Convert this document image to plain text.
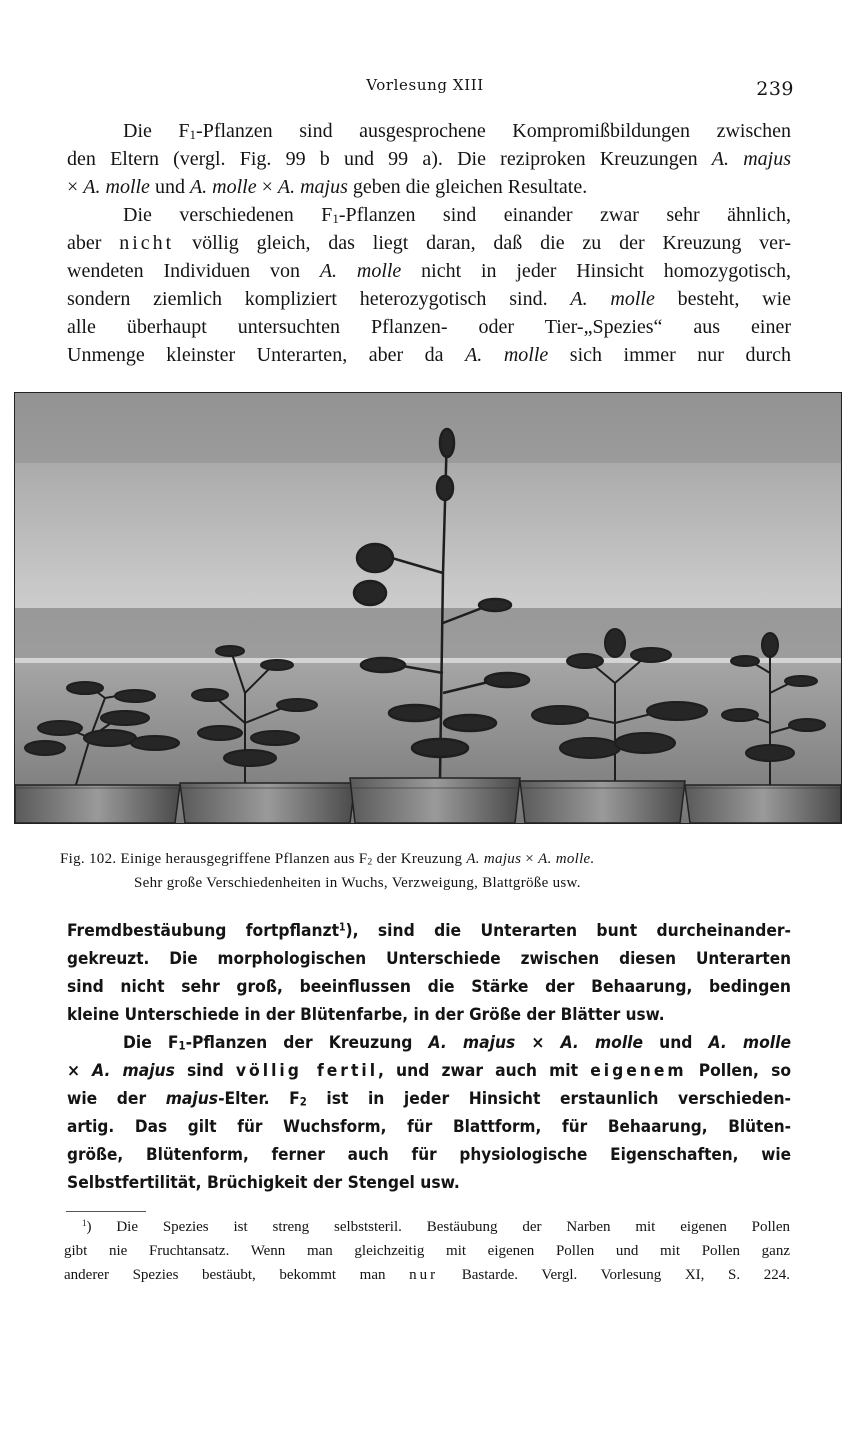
Vorlesung XIII	239
Die $F_1$-Pflanzen sind ausgesprochene Kompromißbildungen zwischen
den Eltern (vergl. Fig. 99 b und 99 a). Die reziproken Kreuzungen A. majus
× A. molle und A. molle × A. majus geben die gleichen Resultate.
Die verschiedenen $F_1$-Pflanzen sind einander zwar sehr ähnlich,
aber nicht völlig gleich, das liegt daran, daß die zu der Kreuzung ver-
wendeten Individuen von A. molle nicht in jeder Hinsicht homozygotisch,
sondern ziemlich kompliziert heterozygotisch sind. A. molle besteht, wie
alle überhaupt untersuchten Pflanzen- oder Tier-„Spezies“ aus einer
Unmenge kleinster Unterarten, aber da A. molle sich immer nur durch
Fig. 102. Einige herausgegriffene Pflanzen aus $F_2$ der Kreuzung A. majus × A. molle.
Sehr große Verschiedenheiten in Wuchs, Verzweigung, Blattgröße usw.
Fremdbestäubung fortpflanzt$^1$), sind die Unterarten bunt durcheinander-
gekreuzt. Die morphologischen Unterschiede zwischen diesen Unterarten
sind nicht sehr groß, beeinflussen die Stärke der Behaarung, bedingen
kleine Unterschiede in der Blütenfarbe, in der Größe der Blätter usw.
Die $F_1$-Pflanzen der Kreuzung A. majus × A. molle und A. molle
× A. majus sind völlig fertil, und zwar auch mit eigenem Pollen, so
wie der majus-Elter. $F_2$ ist in jeder Hinsicht erstaunlich verschieden-
artig. Das gilt für Wuchsform, für Blattform, für Behaarung, Blüten-
größe, Blütenform, ferner auch für physiologische Eigenschaften, wie
Selbstfertilität, Brüchigkeit der Stengel usw.
$^1$) Die Spezies ist streng selbststeril. Bestäubung der Narben mit eigenen Pollen
gibt nie Fruchtansatz. Wenn man gleichzeitig mit eigenen Pollen und mit Pollen ganz
anderer Spezies bestäubt, bekommt man nur Bastarde. Vergl. Vorlesung XI, S. 224.
